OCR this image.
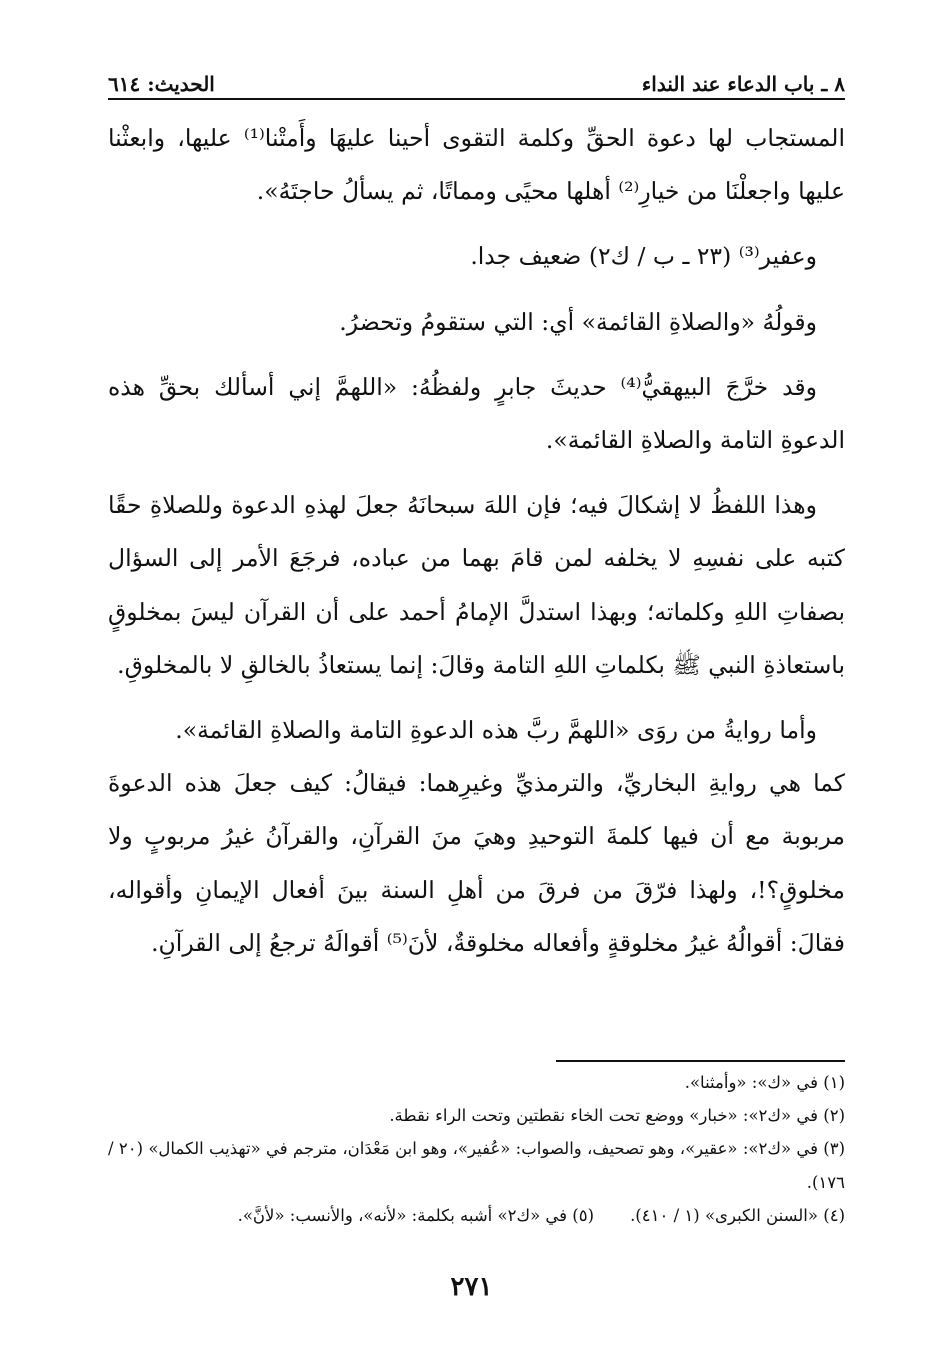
٨ ـ باب الدعاء عند النداء
الحديث: ٦١٤

المستجاب لها دعوة الحقِّ وكلمة التقوى أحينا عليهَا وأَمتْنا⁽¹⁾ عليها، وابعثْنا عليها واجعلْنَا من خيارِ⁽²⁾ أهلها محيًى ومماتًا، ثم يسألُ حاجتَهُ».

وعفير⁽³⁾ (٢٣ ـ ب / ك٢) ضعيف جدا.

وقولُهُ «والصلاةِ القائمة» أي: التي ستقومُ وتحضرُ.

وقد خرَّجَ البيهقيُّ⁽⁴⁾ حديثَ جابرٍ ولفظُهُ: «اللهمَّ إني أسألك بحقِّ هذه الدعوةِ التامة والصلاةِ القائمة».

وهذا اللفظُ لا إشكالَ فيه؛ فإن اللهَ سبحانَهُ جعلَ لهذهِ الدعوة وللصلاةِ حقًا كتبه على نفسِهِ لا يخلفه لمن قامَ بهما من عباده، فرجَعَ الأمر إلى السؤال بصفاتِ اللهِ وكلماته؛ وبهذا استدلَّ الإمامُ أحمد على أن القرآن ليسَ بمخلوقٍ باستعاذةِ النبي ﷺ بكلماتِ اللهِ التامة وقالَ: إنما يستعاذُ بالخالقِ لا بالمخلوقِ.

وأما روايةُ من روَى «اللهمَّ ربَّ هذه الدعوةِ التامة والصلاةِ القائمة».

كما هي روايةِ البخاريِّ، والترمذيِّ وغيرِهما: فيقالُ: كيف جعلَ هذه الدعوةَ مربوبة مع أن فيها كلمةَ التوحيدِ وهيَ منَ القرآنِ، والقرآنُ غيرُ مربوبٍ ولا مخلوقٍ؟!، ولهذا فرّقَ من فرقَ من أهلِ السنة بينَ أفعال الإيمانِ وأقواله، فقالَ: أقوالُهُ غيرُ مخلوقةٍ وأفعاله مخلوقةٌ، لأنَ⁽⁵⁾ أقوالَهُ ترجعُ إلى القرآنِ.

(١) في «ك»: «وأمثنا».

(٢) في «ك٢»: «خبار» ووضع تحت الخاء نقطتين وتحت الراء نقطة.

(٣) في «ك٢»: «عقير»، وهو تصحيف، والصواب: «عُفير»، وهو ابن مَعْدَان، مترجم في «تهذيب الكمال» (٢٠ / ١٧٦).

(٤) «السنن الكبرى» (١ / ٤١٠).
(٥) في «ك٢» أشبه بكلمة: «لأنه»، والأنسب: «لأنَّ».
٢٧١
